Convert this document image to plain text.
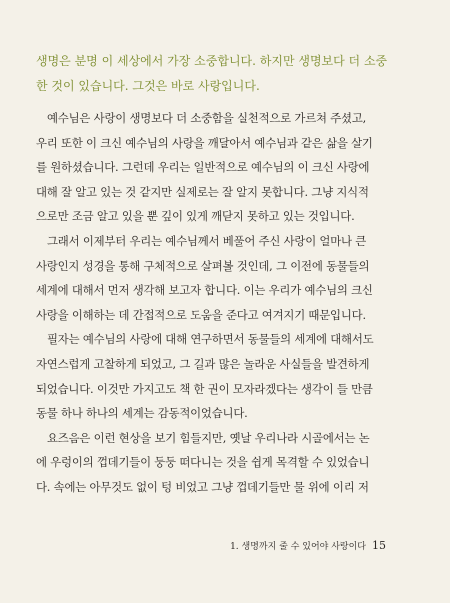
생명은 분명 이 세상에서 가장 소중합니다. 하지만 생명보다 더 소중
한 것이 있습니다. 그것은 바로 사랑입니다.
예수님은 사랑이 생명보다 더 소중함을 실천적으로 가르쳐 주셨고,
우리 또한 이 크신 예수님의 사랑을 깨달아서 예수님과 같은 삶을 살기
를 원하셨습니다. 그런데 우리는 일반적으로 예수님의 이 크신 사랑에
대해 잘 알고 있는 것 같지만 실제로는 잘 알지 못합니다. 그냥 지식적
으로만 조금 알고 있을 뿐 깊이 있게 깨닫지 못하고 있는 것입니다.
그래서 이제부터 우리는 예수님께서 베풀어 주신 사랑이 얼마나 큰
사랑인지 성경을 통해 구체적으로 살펴볼 것인데, 그 이전에 동물들의
세계에 대해서 먼저 생각해 보고자 합니다. 이는 우리가 예수님의 크신
사랑을 이해하는 데 간접적으로 도움을 준다고 여겨지기 때문입니다.
필자는 예수님의 사랑에 대해 연구하면서 동물들의 세계에 대해서도
자연스럽게 고찰하게 되었고, 그 길과 많은 놀라운 사실들을 발견하게
되었습니다. 이것만 가지고도 책 한 권이 모자라겠다는 생각이 들 만큼
동물 하나 하나의 세계는 감동적이었습니다.
요즈음은 이런 현상을 보기 힘들지만, 옛날 우리나라 시골에서는 논
에 우렁이의 껍데기들이 둥둥 떠다니는 것을 쉽게 목격할 수 있었습니
다. 속에는 아무것도 없이 텅 비었고 그냥 껍데기들만 물 위에 이리 저
1. 생명까지 줄 수 있어야 사랑이다 15
